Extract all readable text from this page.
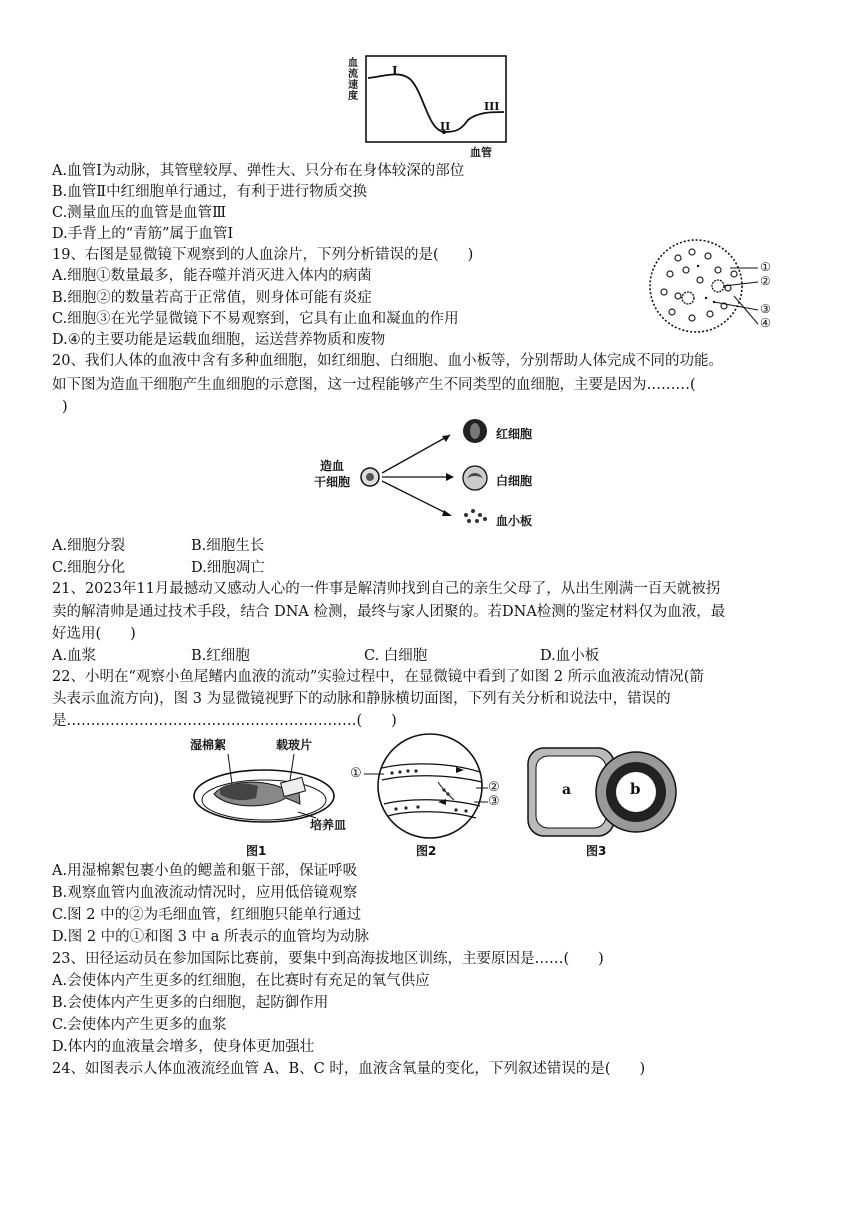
血流速度
I
II
III
血管
A.血管Ⅰ为动脉，其管壁较厚、弹性大、只分布在身体较深的部位
B.血管Ⅱ中红细胞单行通过，有利于进行物质交换
C.测量血压的血管是血管Ⅲ
D.手背上的“青筋”属于血管Ⅰ
19、右图是显微镜下观察到的人血涂片，下列分析错误的是(　　)
A.细胞①数量最多，能吞噬并消灭进入体内的病菌
B.细胞②的数量若高于正常值，则身体可能有炎症
C.细胞③在光学显微镜下不易观察到，它具有止血和凝血的作用
D.④的主要功能是运载血细胞，运送营养物质和废物
①
②
③
④
20、我们人体的血液中含有多种血细胞，如红细胞、白细胞、血小板等，分别帮助人体完成不同的功能。
如下图为造血干细胞产生血细胞的示意图，这一过程能够产生不同类型的血细胞，主要是因为………(
)
造血
干细胞
红细胞
白细胞
血小板
A.细胞分裂	B.细胞生长
C.细胞分化	D.细胞凋亡
21、2023年11月最撼动又感动人心的一件事是解清帅找到自己的亲生父母了，从出生刚满一百天就被拐
卖的解清帅是通过技术手段，结合 DNA 检测，最终与家人团聚的。若DNA检测的鉴定材料仅为血液，最
好选用(　　)
A.血浆	B.红细胞	C. 白细胞	D.血小板
22、小明在“观察小鱼尾鳍内血液的流动”实验过程中，在显微镜中看到了如图 2 所示血液流动情况(箭
头表示血流方向)，图 3 为显微镜视野下的动脉和静脉横切面图，下列有关分析和说法中，错误的
是……………………………………………………(　　)
湿棉絮	载玻片
培养皿
图1
①
②
③
图2
a	b
图3
A.用湿棉絮包裹小鱼的鳃盖和躯干部，保证呼吸
B.观察血管内血液流动情况时，应用低倍镜观察
C.图 2 中的②为毛细血管，红细胞只能单行通过
D.图 2 中的①和图 3 中 a 所表示的血管均为动脉
23、田径运动员在参加国际比赛前，要集中到高海拔地区训练，主要原因是……(　　)
A.会使体内产生更多的红细胞，在比赛时有充足的氧气供应
B.会使体内产生更多的白细胞，起防御作用
C.会使体内产生更多的血浆
D.体内的血液量会增多，使身体更加强壮
24、如图表示人体血液流经血管 A、B、C 时，血液含氧量的变化，下列叙述错误的是(　　)
